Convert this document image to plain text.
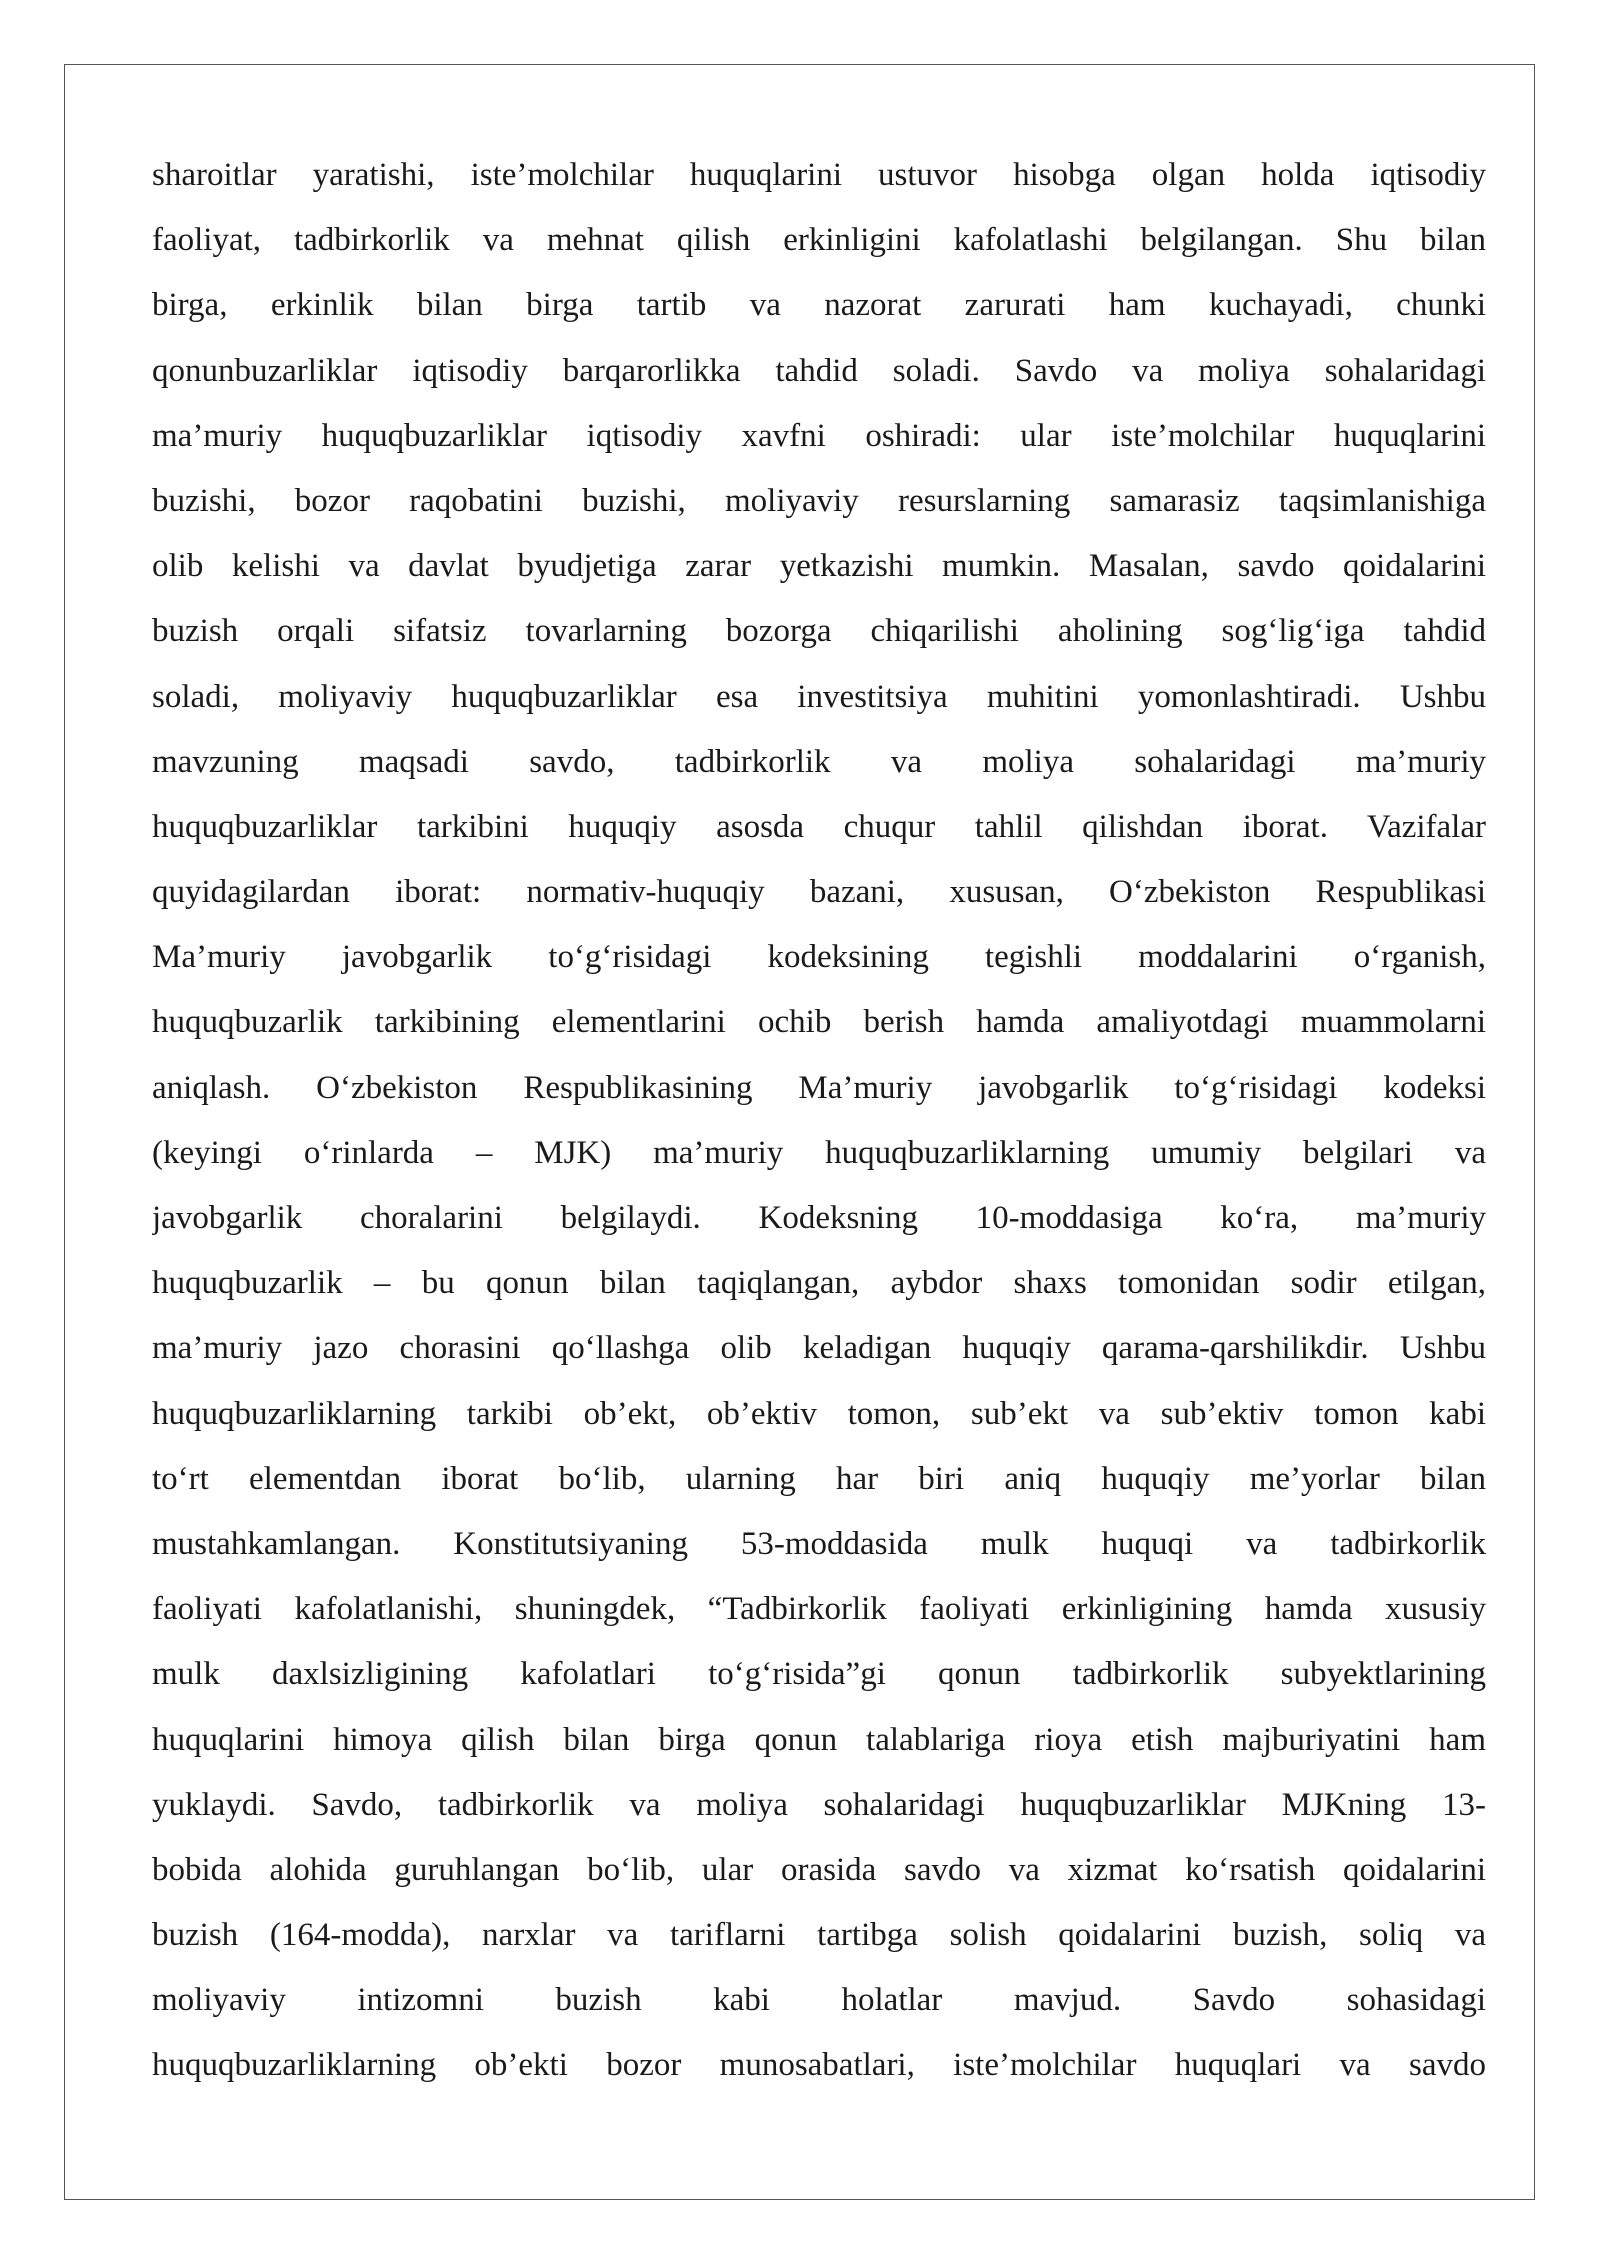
sharoitlar yaratishi, iste’molchilar huquqlarini ustuvor hisobga olgan holda iqtisodiy
faoliyat, tadbirkorlik va mehnat qilish erkinligini kafolatlashi belgilangan. Shu bilan
birga, erkinlik bilan birga tartib va nazorat zarurati ham kuchayadi, chunki
qonunbuzarliklar iqtisodiy barqarorlikka tahdid soladi. Savdo va moliya sohalaridagi
ma’muriy huquqbuzarliklar iqtisodiy xavfni oshiradi: ular iste’molchilar huquqlarini
buzishi, bozor raqobatini buzishi, moliyaviy resurslarning samarasiz taqsimlanishiga
olib kelishi va davlat byudjetiga zarar yetkazishi mumkin. Masalan, savdo qoidalarini
buzish orqali sifatsiz tovarlarning bozorga chiqarilishi aholining sog‘lig‘iga tahdid
soladi, moliyaviy huquqbuzarliklar esa investitsiya muhitini yomonlashtiradi. Ushbu
mavzuning maqsadi savdo, tadbirkorlik va moliya sohalaridagi ma’muriy
huquqbuzarliklar tarkibini huquqiy asosda chuqur tahlil qilishdan iborat. Vazifalar
quyidagilardan iborat: normativ-huquqiy bazani, xususan, O‘zbekiston Respublikasi
Ma’muriy javobgarlik to‘g‘risidagi kodeksining tegishli moddalarini o‘rganish,
huquqbuzarlik tarkibining elementlarini ochib berish hamda amaliyotdagi muammolarni
aniqlash. O‘zbekiston Respublikasining Ma’muriy javobgarlik to‘g‘risidagi kodeksi
(keyingi o‘rinlarda – MJK) ma’muriy huquqbuzarliklarning umumiy belgilari va
javobgarlik choralarini belgilaydi. Kodeksning 10-moddasiga ko‘ra, ma’muriy
huquqbuzarlik – bu qonun bilan taqiqlangan, aybdor shaxs tomonidan sodir etilgan,
ma’muriy jazo chorasini qo‘llashga olib keladigan huquqiy qarama-qarshilikdir. Ushbu
huquqbuzarliklarning tarkibi ob’ekt, ob’ektiv tomon, sub’ekt va sub’ektiv tomon kabi
to‘rt elementdan iborat bo‘lib, ularning har biri aniq huquqiy me’yorlar bilan
mustahkamlangan. Konstitutsiyaning 53-moddasida mulk huquqi va tadbirkorlik
faoliyati kafolatlanishi, shuningdek, “Tadbirkorlik faoliyati erkinligining hamda xususiy
mulk daxlsizligining kafolatlari to‘g‘risida”gi qonun tadbirkorlik subyektlarining
huquqlarini himoya qilish bilan birga qonun talablariga rioya etish majburiyatini ham
yuklaydi. Savdo, tadbirkorlik va moliya sohalaridagi huquqbuzarliklar MJKning 13-
bobida alohida guruhlangan bo‘lib, ular orasida savdo va xizmat ko‘rsatish qoidalarini
buzish (164-modda), narxlar va tariflarni tartibga solish qoidalarini buzish, soliq va
moliyaviy intizomni buzish kabi holatlar mavjud. Savdo sohasidagi
huquqbuzarliklarning ob’ekti bozor munosabatlari, iste’molchilar huquqlari va savdo
